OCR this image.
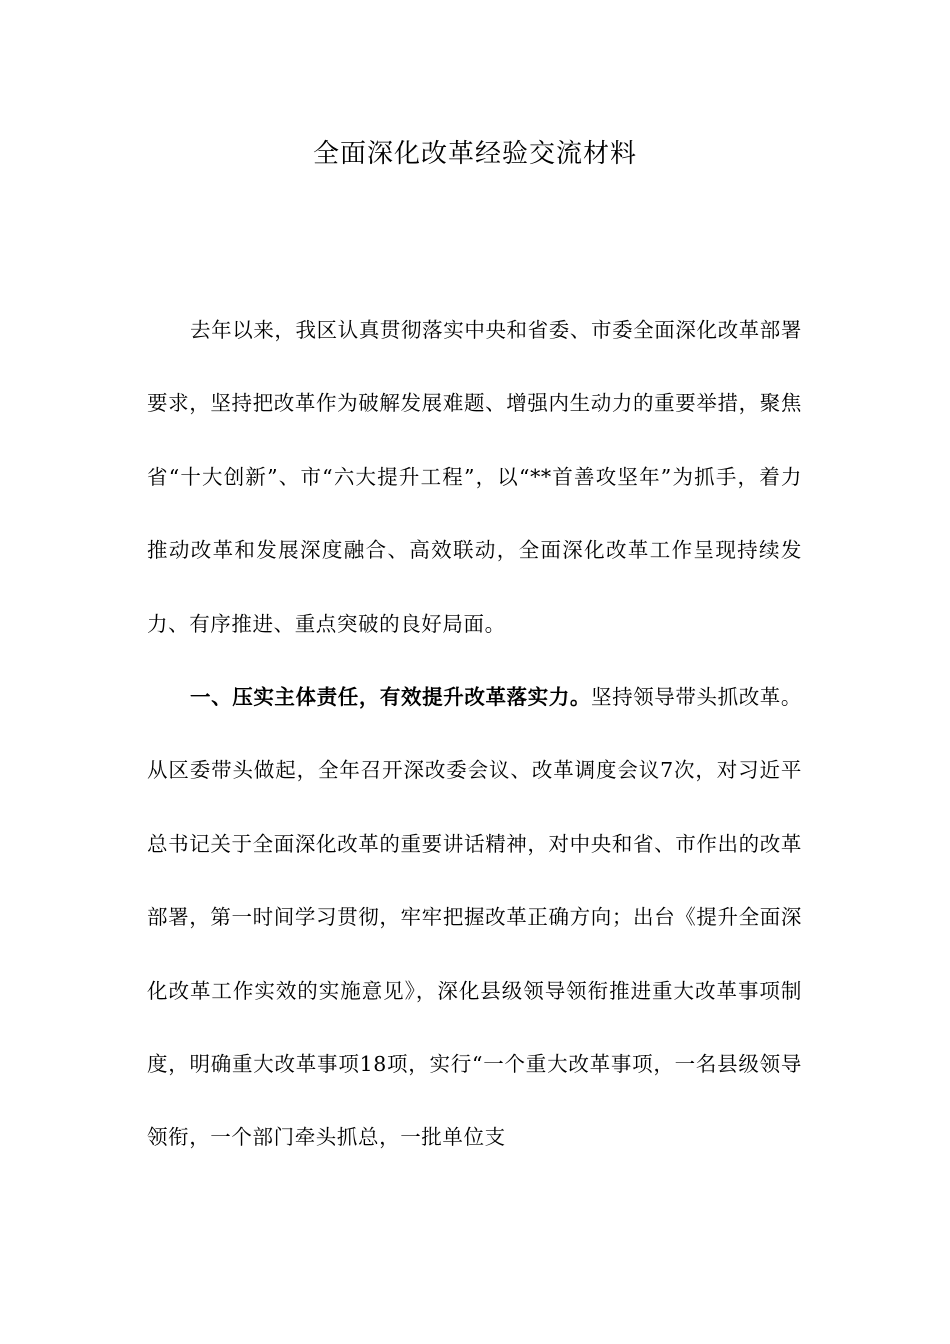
全面深化改革经验交流材料

去年以来，我区认真贯彻落实中央和省委、市委全面深化改革部署要求，坚持把改革作为破解发展难题、增强内生动力的重要举措，聚焦省“十大创新”、市“六大提升工程”，以“**首善攻坚年”为抓手，着力推动改革和发展深度融合、高效联动，全面深化改革工作呈现持续发力、有序推进、重点突破的良好局面。

一、压实主体责任，有效提升改革落实力。坚持领导带头抓改革。从区委带头做起，全年召开深改委会议、改革调度会议7次，对习近平总书记关于全面深化改革的重要讲话精神，对中央和省、市作出的改革部署，第一时间学习贯彻，牢牢把握改革正确方向；出台《提升全面深化改革工作实效的实施意见》，深化县级领导领衔推进重大改革事项制度，明确重大改革事项18项，实行“一个重大改革事项，一名县级领导领衔，一个部门牵头抓总，一批单位支
